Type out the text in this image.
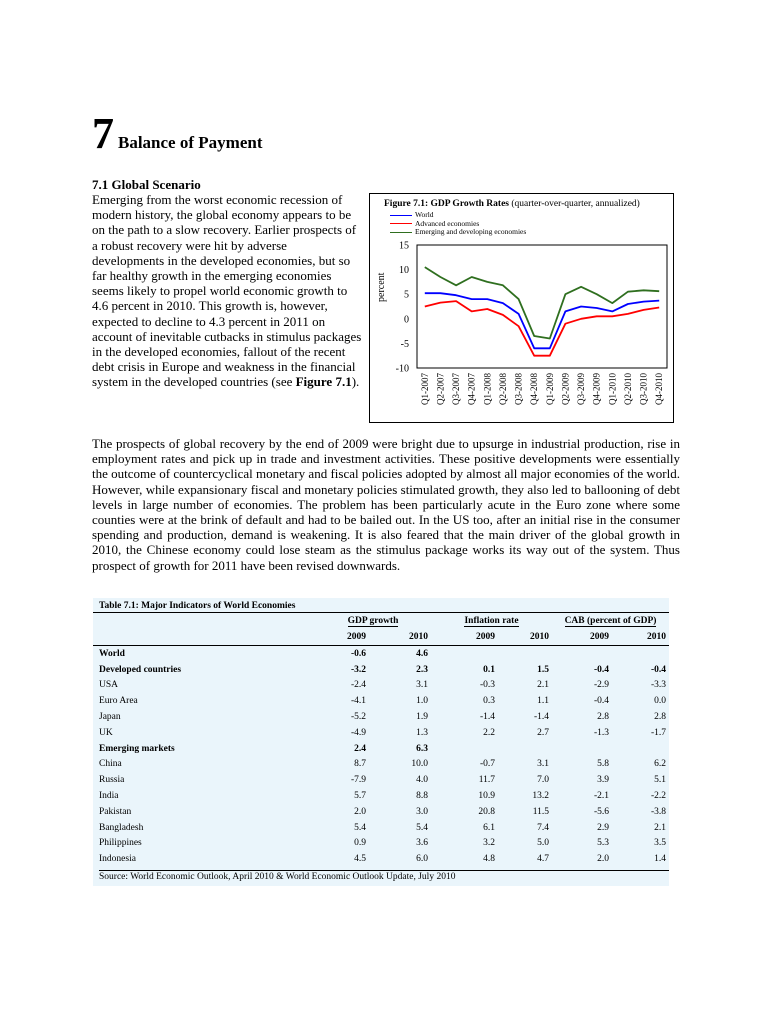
7 Balance of Payment
7.1 Global Scenario
Emerging from the worst economic recession of modern history, the global economy appears to be on the path to a slow recovery. Earlier prospects of a robust recovery were hit by adverse developments in the developed economies, but so far healthy growth in the emerging economies seems likely to propel world economic growth to 4.6 percent in 2010. This growth is, however, expected to decline to 4.3 percent in 2011 on account of inevitable cutbacks in stimulus packages in the developed economies, fallout of the recent debt crisis in Europe and weakness in the financial system in the developed countries (see Figure 7.1).
Figure 7.1: GDP Growth Rates (quarter-over-quarter, annualized)
World
Advanced economies
Emerging and developing economies
percent
15
10
5
0
-5
-10
Q1-2007 Q2-2007 Q3-2007 Q4-2007 Q1-2008 Q2-2008 Q3-2008 Q4-2008 Q1-2009 Q2-2009 Q3-2009 Q4-2009 Q1-2010 Q2-2010 Q3-2010 Q4-2010
The prospects of global recovery by the end of 2009 were bright due to upsurge in industrial production, rise in employment rates and pick up in trade and investment activities. These positive developments were essentially the outcome of countercyclical monetary and fiscal policies adopted by almost all major economies of the world. However, while expansionary fiscal and monetary policies stimulated growth, they also led to ballooning of debt levels in large number of economies. The problem has been particularly acute in the Euro zone where some counties were at the brink of default and had to be bailed out. In the US too, after an initial rise in the consumer spending and production, demand is weakening. It is also feared that the main driver of the global growth in 2010, the Chinese economy could lose steam as the stimulus package works its way out of the system. Thus prospect of growth for 2011 have been revised downwards.
Table 7.1: Major Indicators of World Economies
	GDP growth		Inflation rate		CAB (percent of GDP)	
	2009	2010	2009	2010	2009	2010
World	-0.6	4.6				
Developed countries	-3.2	2.3	0.1	1.5	-0.4	-0.4
USA	-2.4	3.1	-0.3	2.1	-2.9	-3.3
Euro Area	-4.1	1.0	0.3	1.1	-0.4	0.0
Japan	-5.2	1.9	-1.4	-1.4	2.8	2.8
UK	-4.9	1.3	2.2	2.7	-1.3	-1.7
Emerging markets	2.4	6.3				
China	8.7	10.0	-0.7	3.1	5.8	6.2
Russia	-7.9	4.0	11.7	7.0	3.9	5.1
India	5.7	8.8	10.9	13.2	-2.1	-2.2
Pakistan	2.0	3.0	20.8	11.5	-5.6	-3.8
Bangladesh	5.4	5.4	6.1	7.4	2.9	2.1
Philippines	0.9	3.6	3.2	5.0	5.3	3.5
Indonesia	4.5	6.0	4.8	4.7	2.0	1.4
Source: World Economic Outlook, April 2010 & World Economic Outlook Update, July 2010
